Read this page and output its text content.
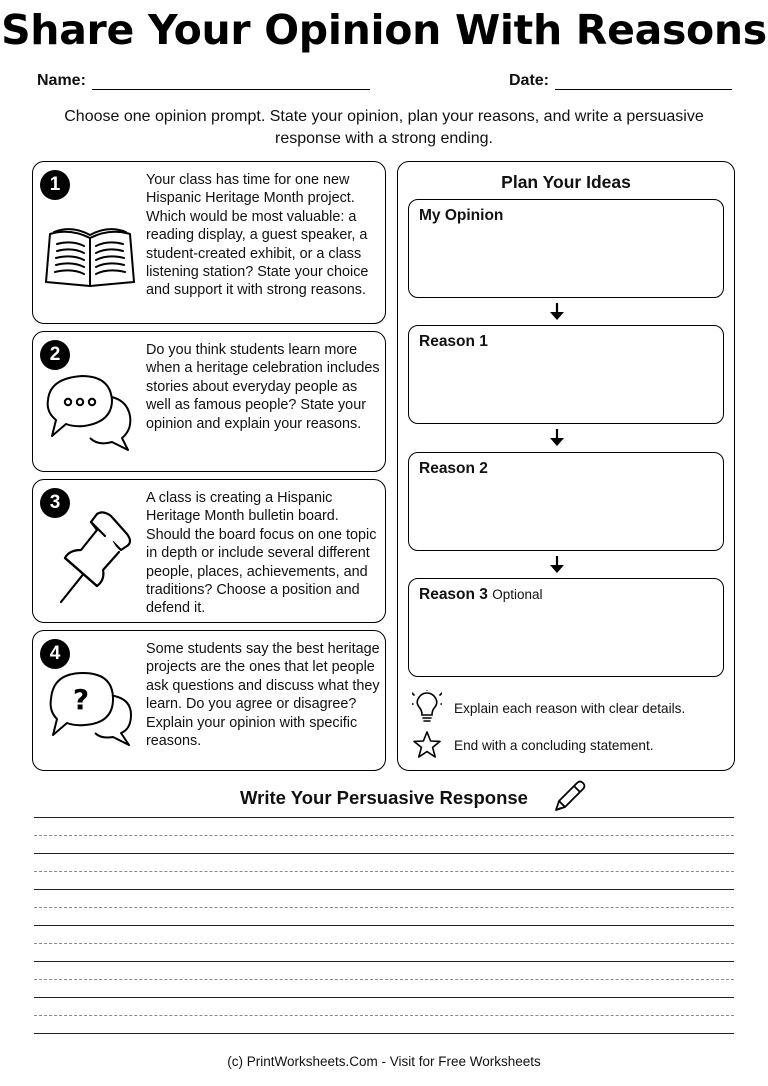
Share Your Opinion With Reasons
Name:	Date:
Choose one opinion prompt. State your opinion, plan your reasons, and write a persuasive response with a strong ending.
1	Your class has time for one new Hispanic Heritage Month project. Which would be most valuable: a reading display, a guest speaker, a student-created exhibit, or a class listening station? State your choice and support it with strong reasons.
2	Do you think students learn more when a heritage celebration includes stories about everyday people as well as famous people? State your opinion and explain your reasons.
3	A class is creating a Hispanic Heritage Month bulletin board. Should the board focus on one topic in depth or include several different people, places, achievements, and traditions? Choose a position and defend it.
4
?
Some students say the best heritage projects are the ones that let people ask questions and discuss what they learn. Do you agree or disagree? Explain your opinion with specific reasons.
Plan Your Ideas
My Opinion
Reason 1
Reason 2
Reason 3 Optional
Explain each reason with clear details.
End with a concluding statement.
Write Your Persuasive Response
(c) PrintWorksheets.Com - Visit for Free Worksheets
